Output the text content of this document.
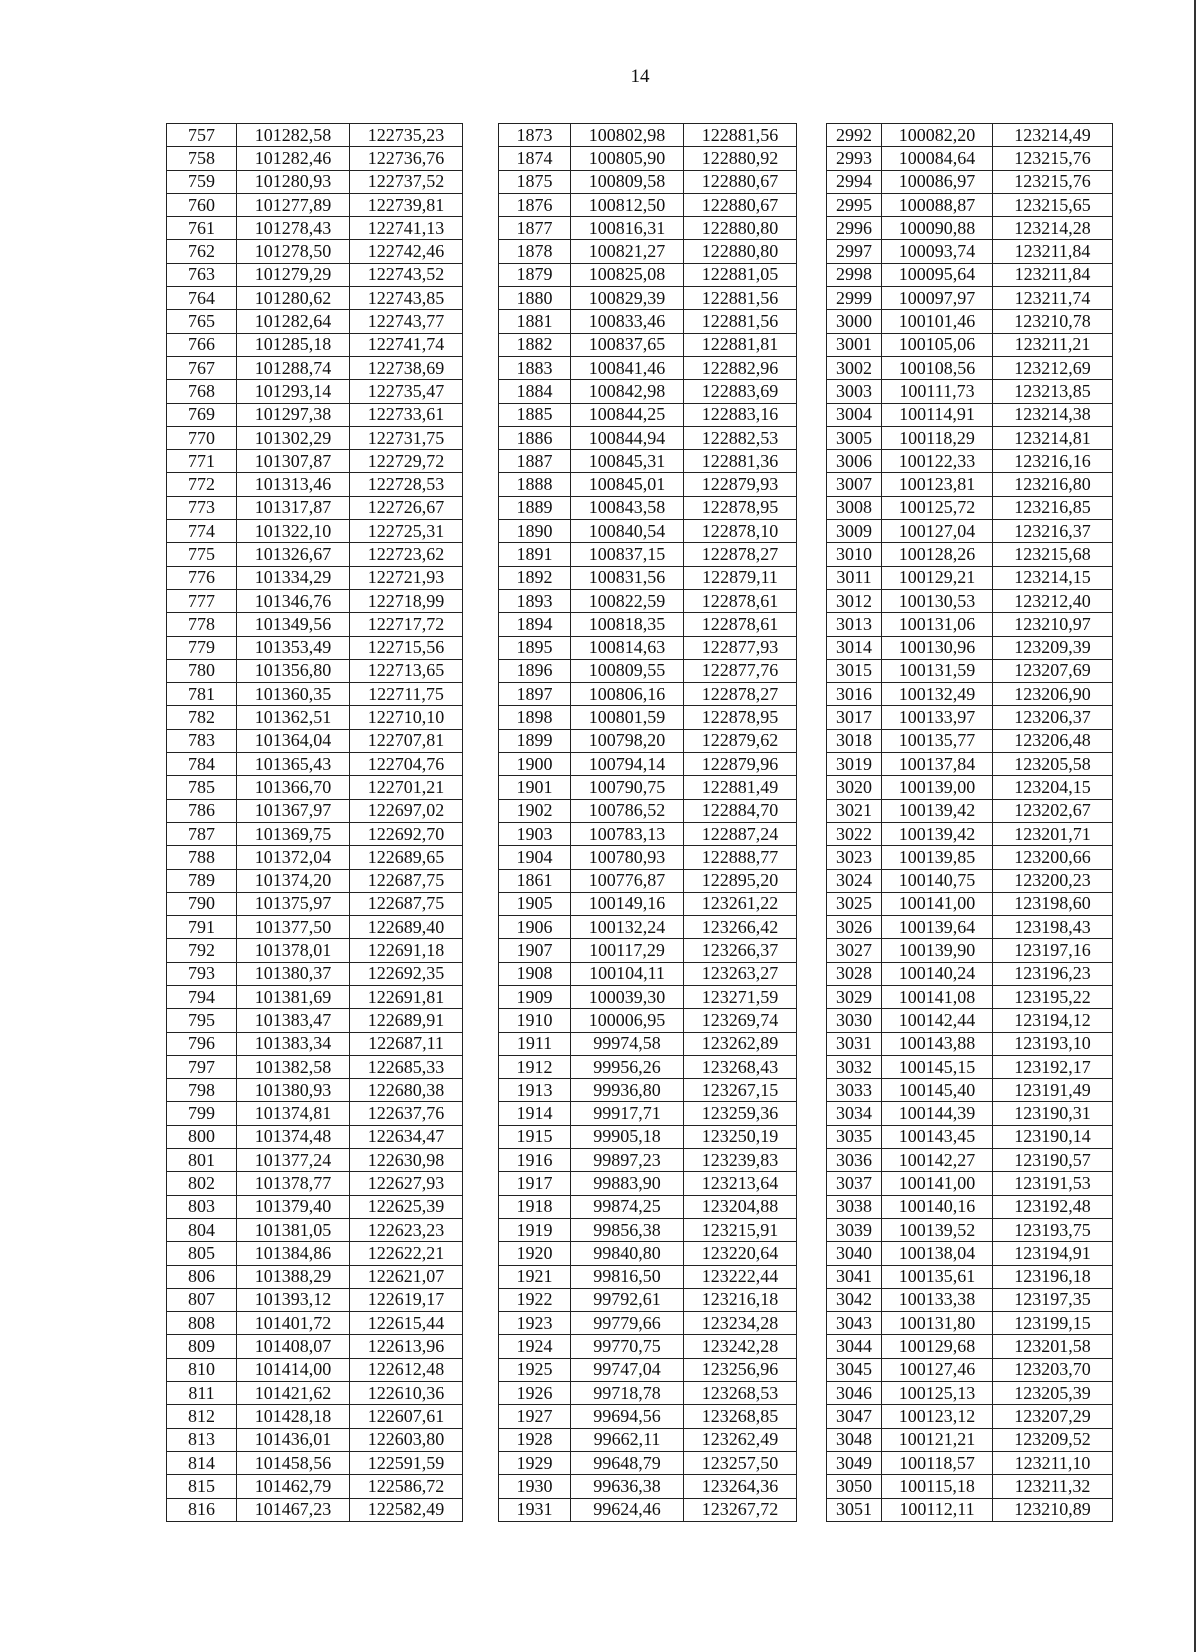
14
757	101282,58	122735,23		1873	100802,98	122881,56		2992	100082,20	123214,49
758	101282,46	122736,76		1874	100805,90	122880,92		2993	100084,64	123215,76
759	101280,93	122737,52		1875	100809,58	122880,67		2994	100086,97	123215,76
760	101277,89	122739,81		1876	100812,50	122880,67		2995	100088,87	123215,65
761	101278,43	122741,13		1877	100816,31	122880,80		2996	100090,88	123214,28
762	101278,50	122742,46		1878	100821,27	122880,80		2997	100093,74	123211,84
763	101279,29	122743,52		1879	100825,08	122881,05		2998	100095,64	123211,84
764	101280,62	122743,85		1880	100829,39	122881,56		2999	100097,97	123211,74
765	101282,64	122743,77		1881	100833,46	122881,56		3000	100101,46	123210,78
766	101285,18	122741,74		1882	100837,65	122881,81		3001	100105,06	123211,21
767	101288,74	122738,69		1883	100841,46	122882,96		3002	100108,56	123212,69
768	101293,14	122735,47		1884	100842,98	122883,69		3003	100111,73	123213,85
769	101297,38	122733,61		1885	100844,25	122883,16		3004	100114,91	123214,38
770	101302,29	122731,75		1886	100844,94	122882,53		3005	100118,29	123214,81
771	101307,87	122729,72		1887	100845,31	122881,36		3006	100122,33	123216,16
772	101313,46	122728,53		1888	100845,01	122879,93		3007	100123,81	123216,80
773	101317,87	122726,67		1889	100843,58	122878,95		3008	100125,72	123216,85
774	101322,10	122725,31		1890	100840,54	122878,10		3009	100127,04	123216,37
775	101326,67	122723,62		1891	100837,15	122878,27		3010	100128,26	123215,68
776	101334,29	122721,93		1892	100831,56	122879,11		3011	100129,21	123214,15
777	101346,76	122718,99		1893	100822,59	122878,61		3012	100130,53	123212,40
778	101349,56	122717,72		1894	100818,35	122878,61		3013	100131,06	123210,97
779	101353,49	122715,56		1895	100814,63	122877,93		3014	100130,96	123209,39
780	101356,80	122713,65		1896	100809,55	122877,76		3015	100131,59	123207,69
781	101360,35	122711,75		1897	100806,16	122878,27		3016	100132,49	123206,90
782	101362,51	122710,10		1898	100801,59	122878,95		3017	100133,97	123206,37
783	101364,04	122707,81		1899	100798,20	122879,62		3018	100135,77	123206,48
784	101365,43	122704,76		1900	100794,14	122879,96		3019	100137,84	123205,58
785	101366,70	122701,21		1901	100790,75	122881,49		3020	100139,00	123204,15
786	101367,97	122697,02		1902	100786,52	122884,70		3021	100139,42	123202,67
787	101369,75	122692,70		1903	100783,13	122887,24		3022	100139,42	123201,71
788	101372,04	122689,65		1904	100780,93	122888,77		3023	100139,85	123200,66
789	101374,20	122687,75		1861	100776,87	122895,20		3024	100140,75	123200,23
790	101375,97	122687,75		1905	100149,16	123261,22		3025	100141,00	123198,60
791	101377,50	122689,40		1906	100132,24	123266,42		3026	100139,64	123198,43
792	101378,01	122691,18		1907	100117,29	123266,37		3027	100139,90	123197,16
793	101380,37	122692,35		1908	100104,11	123263,27		3028	100140,24	123196,23
794	101381,69	122691,81		1909	100039,30	123271,59		3029	100141,08	123195,22
795	101383,47	122689,91		1910	100006,95	123269,74		3030	100142,44	123194,12
796	101383,34	122687,11		1911	99974,58	123262,89		3031	100143,88	123193,10
797	101382,58	122685,33		1912	99956,26	123268,43		3032	100145,15	123192,17
798	101380,93	122680,38		1913	99936,80	123267,15		3033	100145,40	123191,49
799	101374,81	122637,76		1914	99917,71	123259,36		3034	100144,39	123190,31
800	101374,48	122634,47		1915	99905,18	123250,19		3035	100143,45	123190,14
801	101377,24	122630,98		1916	99897,23	123239,83		3036	100142,27	123190,57
802	101378,77	122627,93		1917	99883,90	123213,64		3037	100141,00	123191,53
803	101379,40	122625,39		1918	99874,25	123204,88		3038	100140,16	123192,48
804	101381,05	122623,23		1919	99856,38	123215,91		3039	100139,52	123193,75
805	101384,86	122622,21		1920	99840,80	123220,64		3040	100138,04	123194,91
806	101388,29	122621,07		1921	99816,50	123222,44		3041	100135,61	123196,18
807	101393,12	122619,17		1922	99792,61	123216,18		3042	100133,38	123197,35
808	101401,72	122615,44		1923	99779,66	123234,28		3043	100131,80	123199,15
809	101408,07	122613,96		1924	99770,75	123242,28		3044	100129,68	123201,58
810	101414,00	122612,48		1925	99747,04	123256,96		3045	100127,46	123203,70
811	101421,62	122610,36		1926	99718,78	123268,53		3046	100125,13	123205,39
812	101428,18	122607,61		1927	99694,56	123268,85		3047	100123,12	123207,29
813	101436,01	122603,80		1928	99662,11	123262,49		3048	100121,21	123209,52
814	101458,56	122591,59		1929	99648,79	123257,50		3049	100118,57	123211,10
815	101462,79	122586,72		1930	99636,38	123264,36		3050	100115,18	123211,32
816	101467,23	122582,49		1931	99624,46	123267,72		3051	100112,11	123210,89
